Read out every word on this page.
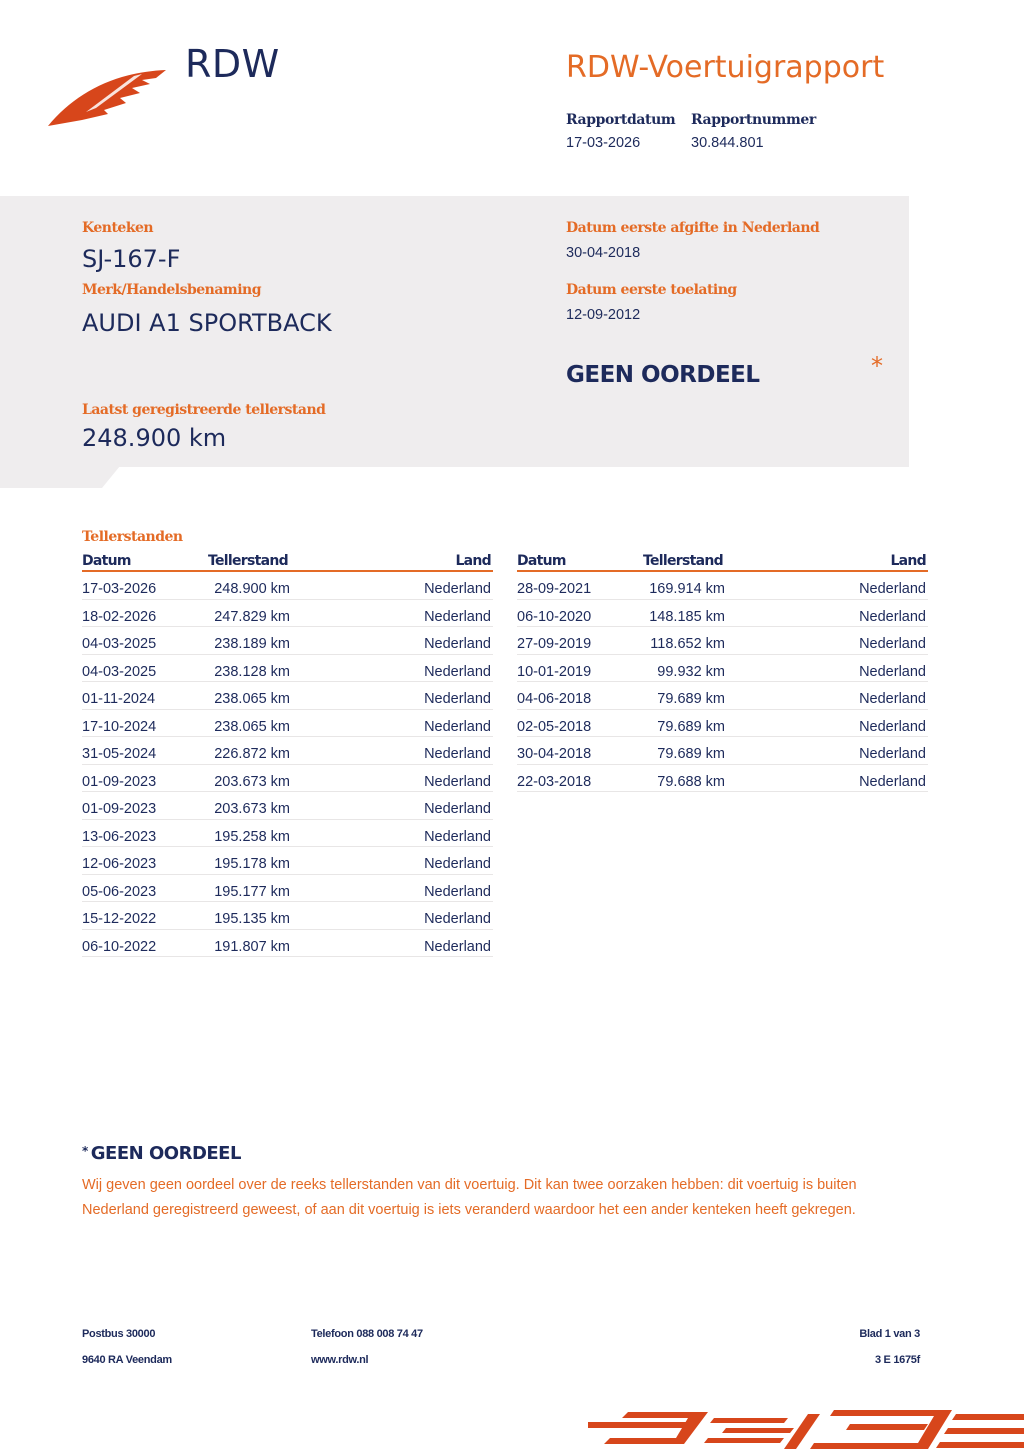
RDW	RDW-Voertuigrapport
Rapportdatum
17-03-2026
Rapportnummer
30.844.801
Kenteken
SJ-167-F
Merk/Handelsbenaming
AUDI A1 SPORTBACK
Datum eerste afgifte in Nederland
30-04-2018
Datum eerste toelating
12-09-2012
GEEN OORDEEL	*
Laatst geregistreerde tellerstand
248.900 km
Tellerstanden
Datum	Tellerstand	Land
17-03-2026	248.900 km	Nederland
18-02-2026	247.829 km	Nederland
04-03-2025	238.189 km	Nederland
04-03-2025	238.128 km	Nederland
01-11-2024	238.065 km	Nederland
17-10-2024	238.065 km	Nederland
31-05-2024	226.872 km	Nederland
01-09-2023	203.673 km	Nederland
01-09-2023	203.673 km	Nederland
13-06-2023	195.258 km	Nederland
12-06-2023	195.178 km	Nederland
05-06-2023	195.177 km	Nederland
15-12-2022	195.135 km	Nederland
06-10-2022	191.807 km	Nederland
Datum	Tellerstand	Land
28-09-2021	169.914 km	Nederland
06-10-2020	148.185 km	Nederland
27-09-2019	118.652 km	Nederland
10-01-2019	99.932 km	Nederland
04-06-2018	79.689 km	Nederland
02-05-2018	79.689 km	Nederland
30-04-2018	79.689 km	Nederland
22-03-2018	79.688 km	Nederland
* GEEN OORDEEL
Wij geven geen oordeel over de reeks tellerstanden van dit voertuig. Dit kan twee oorzaken hebben: dit voertuig is buiten Nederland geregistreerd geweest, of aan dit voertuig is iets veranderd waardoor het een ander kenteken heeft gekregen.
Postbus 30000
9640 RA Veendam
Telefoon 088 008 74 47
www.rdw.nl
Blad 1 van 3
3 E 1675f
